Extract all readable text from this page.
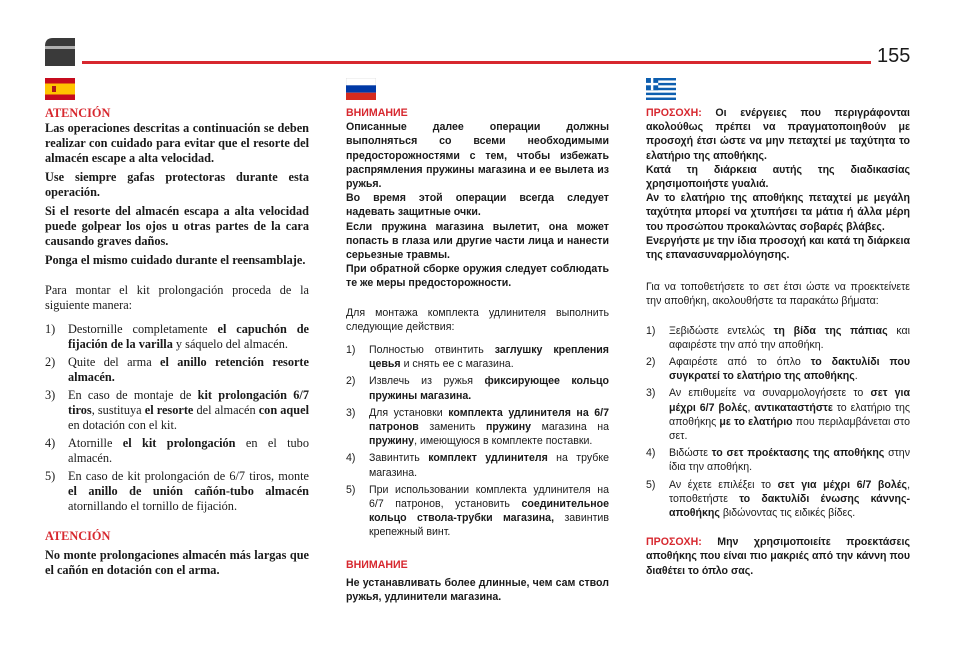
155
ATENCIÓN

Las operaciones descritas a continuación se deben realizar con cuidado para evitar que el resorte del almacén escape a alta velocidad.

Use siempre gafas protectoras durante esta operación.

Si el resorte del almacén escapa a alta velocidad puede golpear los ojos u otras partes de la cara causando graves daños.

Ponga el mismo cuidado durante el reensamblaje.

Para montar el kit prolongación proceda de la siguiente manera:

1) Destornille completamente el capuchón de fijación de la varilla y sáquelo del almacén.
2) Quite del arma el anillo retención resorte almacén.
3) En caso de montaje de kit prolongación 6/7 tiros, sustituya el resorte del almacén con aquel en dotación con el kit.
4) Atornille el kit prolongación en el tubo almacén.
5) En caso de kit prolongación de 6/7 tiros, monte el anillo de unión cañón-tubo almacén atornillando el tornillo de fijación.
ATENCIÓN

No monte prolongaciones almacén más largas que el cañón en dotación con el arma.

ВНИМАНИЕ

Описанные далее операции должны выполняться со всеми необходимыми предосторожностями с тем, чтобы избежать распрямления пружины магазина и ее вылета из ружья.

Во время этой операции всегда следует надевать защитные очки.

Если пружина магазина вылетит, она может попасть в глаза или другие части лица и нанести серьезные травмы.

При обратной сборке оружия следует соблюдать те же меры предосторожности.

Для монтажа комплекта удлинителя выполнить следующие действия:

1) Полностью отвинтить заглушку крепления цевья и снять ее с магазина.
2) Извлечь из ружья фиксирующее кольцо пружины магазина.
3) Для установки комплекта удлинителя на 6/7 патронов заменить пружину магазина на пружину, имеющуюся в комплекте поставки.
4) Завинтить комплект удлинителя на трубке магазина.
5) При использовании комплекта удлинителя на 6/7 патронов, установить соединительное кольцо ствола-трубки магазина, завинтив крепежный винт.
ВНИМАНИЕ

Не устанавливать более длинные, чем сам ствол ружья, удлинители магазина.

ΠΡΟΣΟΧΗ: Οι ενέργειες που περιγράφονται ακολούθως πρέπει να πραγματοποιηθούν με προσοχή έτσι ώστε να μην πεταχτεί με ταχύτητα το ελατήριο της αποθήκης.

Κατά τη διάρκεια αυτής της διαδικασίας χρησιμοποιήστε γυαλιά.

Αν το ελατήριο της αποθήκης πεταχτεί με μεγάλη ταχύτητα μπορεί να χτυπήσει τα μάτια ή άλλα μέρη του προσώπου προκαλώντας σοβαρές βλάβες.

Ενεργήστε με την ίδια προσοχή και κατά τη διάρκεια της επανασυναρμολόγησης.

Για να τοποθετήσετε το σετ έτσι ώστε να προεκτείνετε την αποθήκη, ακολουθήστε τα παρακάτω βήματα:

1) Ξεβιδώστε εντελώς τη βίδα της πάπιας και αφαιρέστε την από την αποθήκη.
2) Αφαιρέστε από το όπλο το δακτυλίδι που συγκρατεί το ελατήριο της αποθήκης.
3) Αν επιθυμείτε να συναρμολογήσετε το σετ για μέχρι 6/7 βολές, αντικαταστήστε το ελατήριο της αποθήκης με το ελατήριο που περιλαμβάνεται στο σετ.
4) Βιδώστε το σετ προέκτασης της αποθήκης στην ίδια την αποθήκη.
5) Αν έχετε επιλέξει το σετ για μέχρι 6/7 βολές, τοποθετήστε το δακτυλίδι ένωσης κάννης-αποθήκης βιδώνοντας τις ειδικές βίδες.

ΠΡΟΣΟΧΗ: Μην χρησιμοποιείτε προεκτάσεις αποθήκης που είναι πιο μακριές από την κάννη που διαθέτει το όπλο σας.
